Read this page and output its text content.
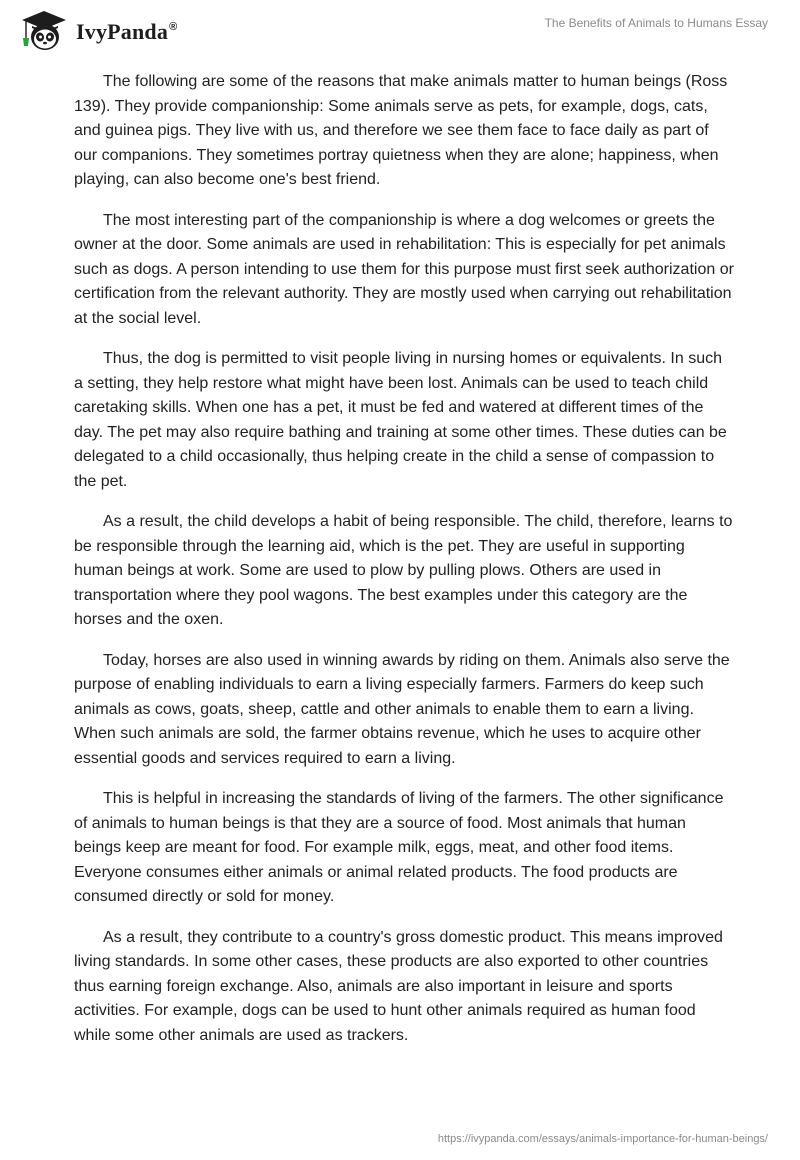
IvyPanda®	The Benefits of Animals to Humans Essay

The following are some of the reasons that make animals matter to human beings (Ross 139). They provide companionship: Some animals serve as pets, for example, dogs, cats, and guinea pigs. They live with us, and therefore we see them face to face daily as part of our companions. They sometimes portray quietness when they are alone; happiness, when playing, can also become one's best friend.

The most interesting part of the companionship is where a dog welcomes or greets the owner at the door. Some animals are used in rehabilitation: This is especially for pet animals such as dogs. A person intending to use them for this purpose must first seek authorization or certification from the relevant authority. They are mostly used when carrying out rehabilitation at the social level.

Thus, the dog is permitted to visit people living in nursing homes or equivalents. In such a setting, they help restore what might have been lost. Animals can be used to teach child caretaking skills. When one has a pet, it must be fed and watered at different times of the day. The pet may also require bathing and training at some other times. These duties can be delegated to a child occasionally, thus helping create in the child a sense of compassion to the pet.

As a result, the child develops a habit of being responsible. The child, therefore, learns to be responsible through the learning aid, which is the pet. They are useful in supporting human beings at work. Some are used to plow by pulling plows. Others are used in transportation where they pool wagons. The best examples under this category are the horses and the oxen.

Today, horses are also used in winning awards by riding on them. Animals also serve the purpose of enabling individuals to earn a living especially farmers. Farmers do keep such animals as cows, goats, sheep, cattle and other animals to enable them to earn a living. When such animals are sold, the farmer obtains revenue, which he uses to acquire other essential goods and services required to earn a living.

This is helpful in increasing the standards of living of the farmers. The other significance of animals to human beings is that they are a source of food. Most animals that human beings keep are meant for food. For example milk, eggs, meat, and other food items. Everyone consumes either animals or animal related products. The food products are consumed directly or sold for money.

As a result, they contribute to a country's gross domestic product. This means improved living standards. In some other cases, these products are also exported to other countries thus earning foreign exchange. Also, animals are also important in leisure and sports activities. For example, dogs can be used to hunt other animals required as human food while some other animals are used as trackers.

https://ivypanda.com/essays/animals-importance-for-human-beings/
